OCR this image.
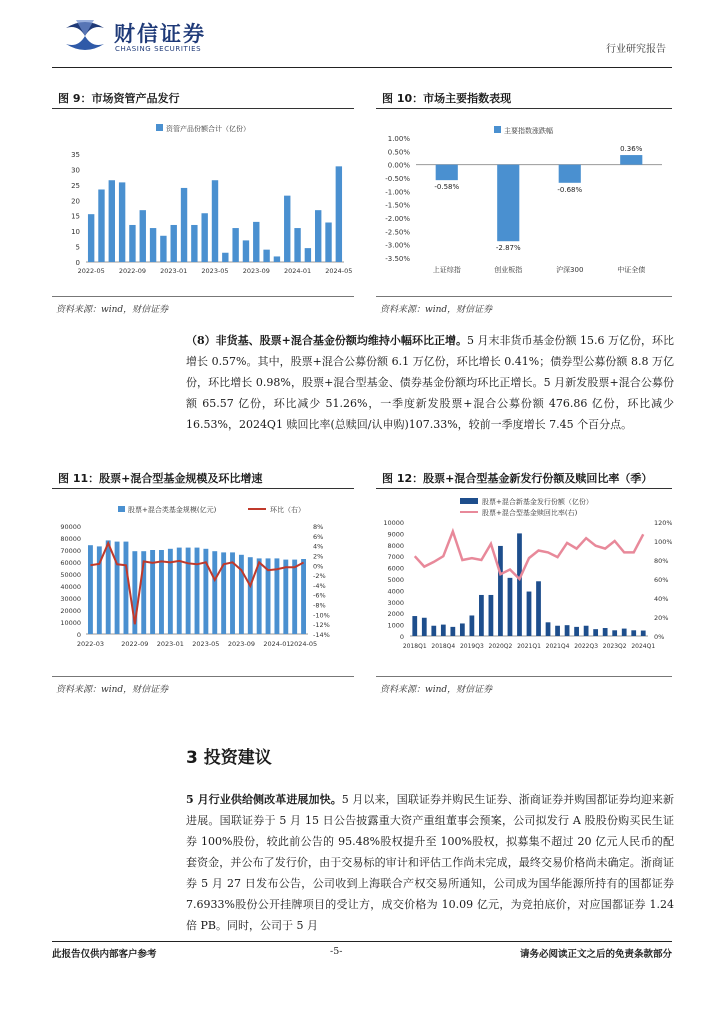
财信证券
CHASING SECURITIES	行业研究报告
图 9：市场资管产品发行	图 10：市场主要指数表现
资管产品份额合计（亿份）
0
5
10
15
20
25
30
35
2022-05 2022-09 2023-01 2023-05 2023-09 2024-01 2024-05
主要指数涨跌幅
1.00%
0.50%
0.00%
-0.50%
-1.00%
-1.50%
-2.00%
-2.50%
-3.00%
-3.50%
-0.58%
上证综指
-2.87%
创业板指
-0.68%
沪深300
0.36%
中证全债
资料来源：wind，财信证券	资料来源：wind，财信证券
（8）非货基、股票+混合基金份额均维持小幅环比正增。5 月末非货币基金份额 15.6 万亿份，环比增长 0.57%。其中，股票+混合公募份额 6.1 万亿份，环比增长 0.41%；债券型公募份额 8.8 万亿份，环比增长 0.98%，股票+混合型基金、债券基金份额均环比正增长。5 月新发股票+混合公募份额 65.57 亿份，环比减少 51.26%，一季度新发股票+混合公募份额 476.86 亿份，环比减少 16.53%，2024Q1 赎回比率(总赎回/认申购)107.33%，较前一季度增长 7.45 个百分点。
图 11：股票+混合型基金规模及环比增速	图 12：股票+混合型基金新发行份额及赎回比率（季）
股票+混合类基金规模(亿元)	环比（右）
0
10000
20000
30000
40000
50000
60000
70000
80000
90000	8%
6%
4%
2%
0%
-2%
-4%
-6%
-8%
-10%
-12%
-14%
2022-03	2022-09 2023-01 2023-05 2023-09 2024-01 2024-05
股票+混合新基金发行份额（亿份）
股票+混合型基金赎回比率(右)
0
1000
2000
3000
4000
5000
6000
7000
8000
9000
10000
0%
20%
40%
60%
80%
100%
120%
2018Q1 2018Q4 2019Q3 2020Q2 2021Q1 2021Q4 2022Q3 2023Q2 2024Q1
资料来源：wind，财信证券	资料来源：wind，财信证券
3 投资建议
5 月行业供给侧改革进展加快。5 月以来，国联证券并购民生证券、浙商证券并购国都证券均迎来新进展。国联证券于 5 月 15 日公告披露重大资产重组董事会预案，公司拟发行 A 股股份购买民生证券 100%股份，较此前公告的 95.48%股权提升至 100%股权，拟募集不超过 20 亿元人民币的配套资金，并公布了发行价，由于交易标的审计和评估工作尚未完成，最终交易价格尚未确定。浙商证券 5 月 27 日发布公告，公司收到上海联合产权交易所通知，公司成为国华能源所持有的国都证券 7.6933%股份公开挂牌项目的受让方，成交价格为 10.09 亿元，为竞拍底价，对应国都证券 1.24 倍 PB。同时，公司于 5 月
此报告仅供内部客户参考	-5-	请务必阅读正文之后的免责条款部分
